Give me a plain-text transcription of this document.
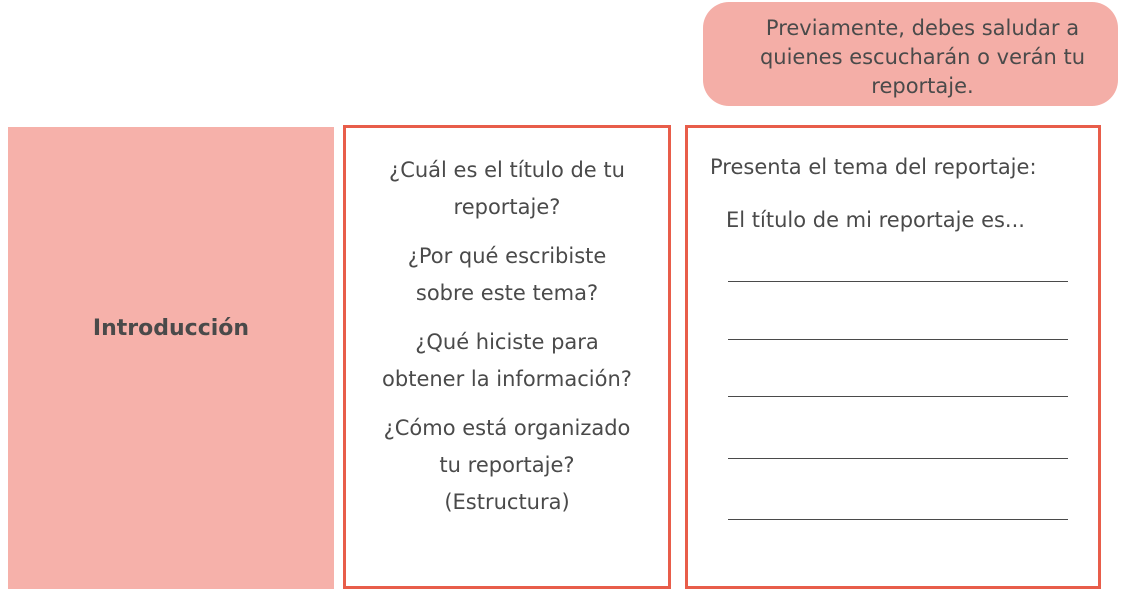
Previamente, debes saludar a
quienes escucharán o verán tu
reportaje.
Introducción
¿Cuál es el título de tu
reportaje?
¿Por qué escribiste
sobre este tema?
¿Qué hiciste para
obtener la información?
¿Cómo está organizado
tu reportaje?
(Estructura)
Presenta el tema del reportaje:
El título de mi reportaje es...
